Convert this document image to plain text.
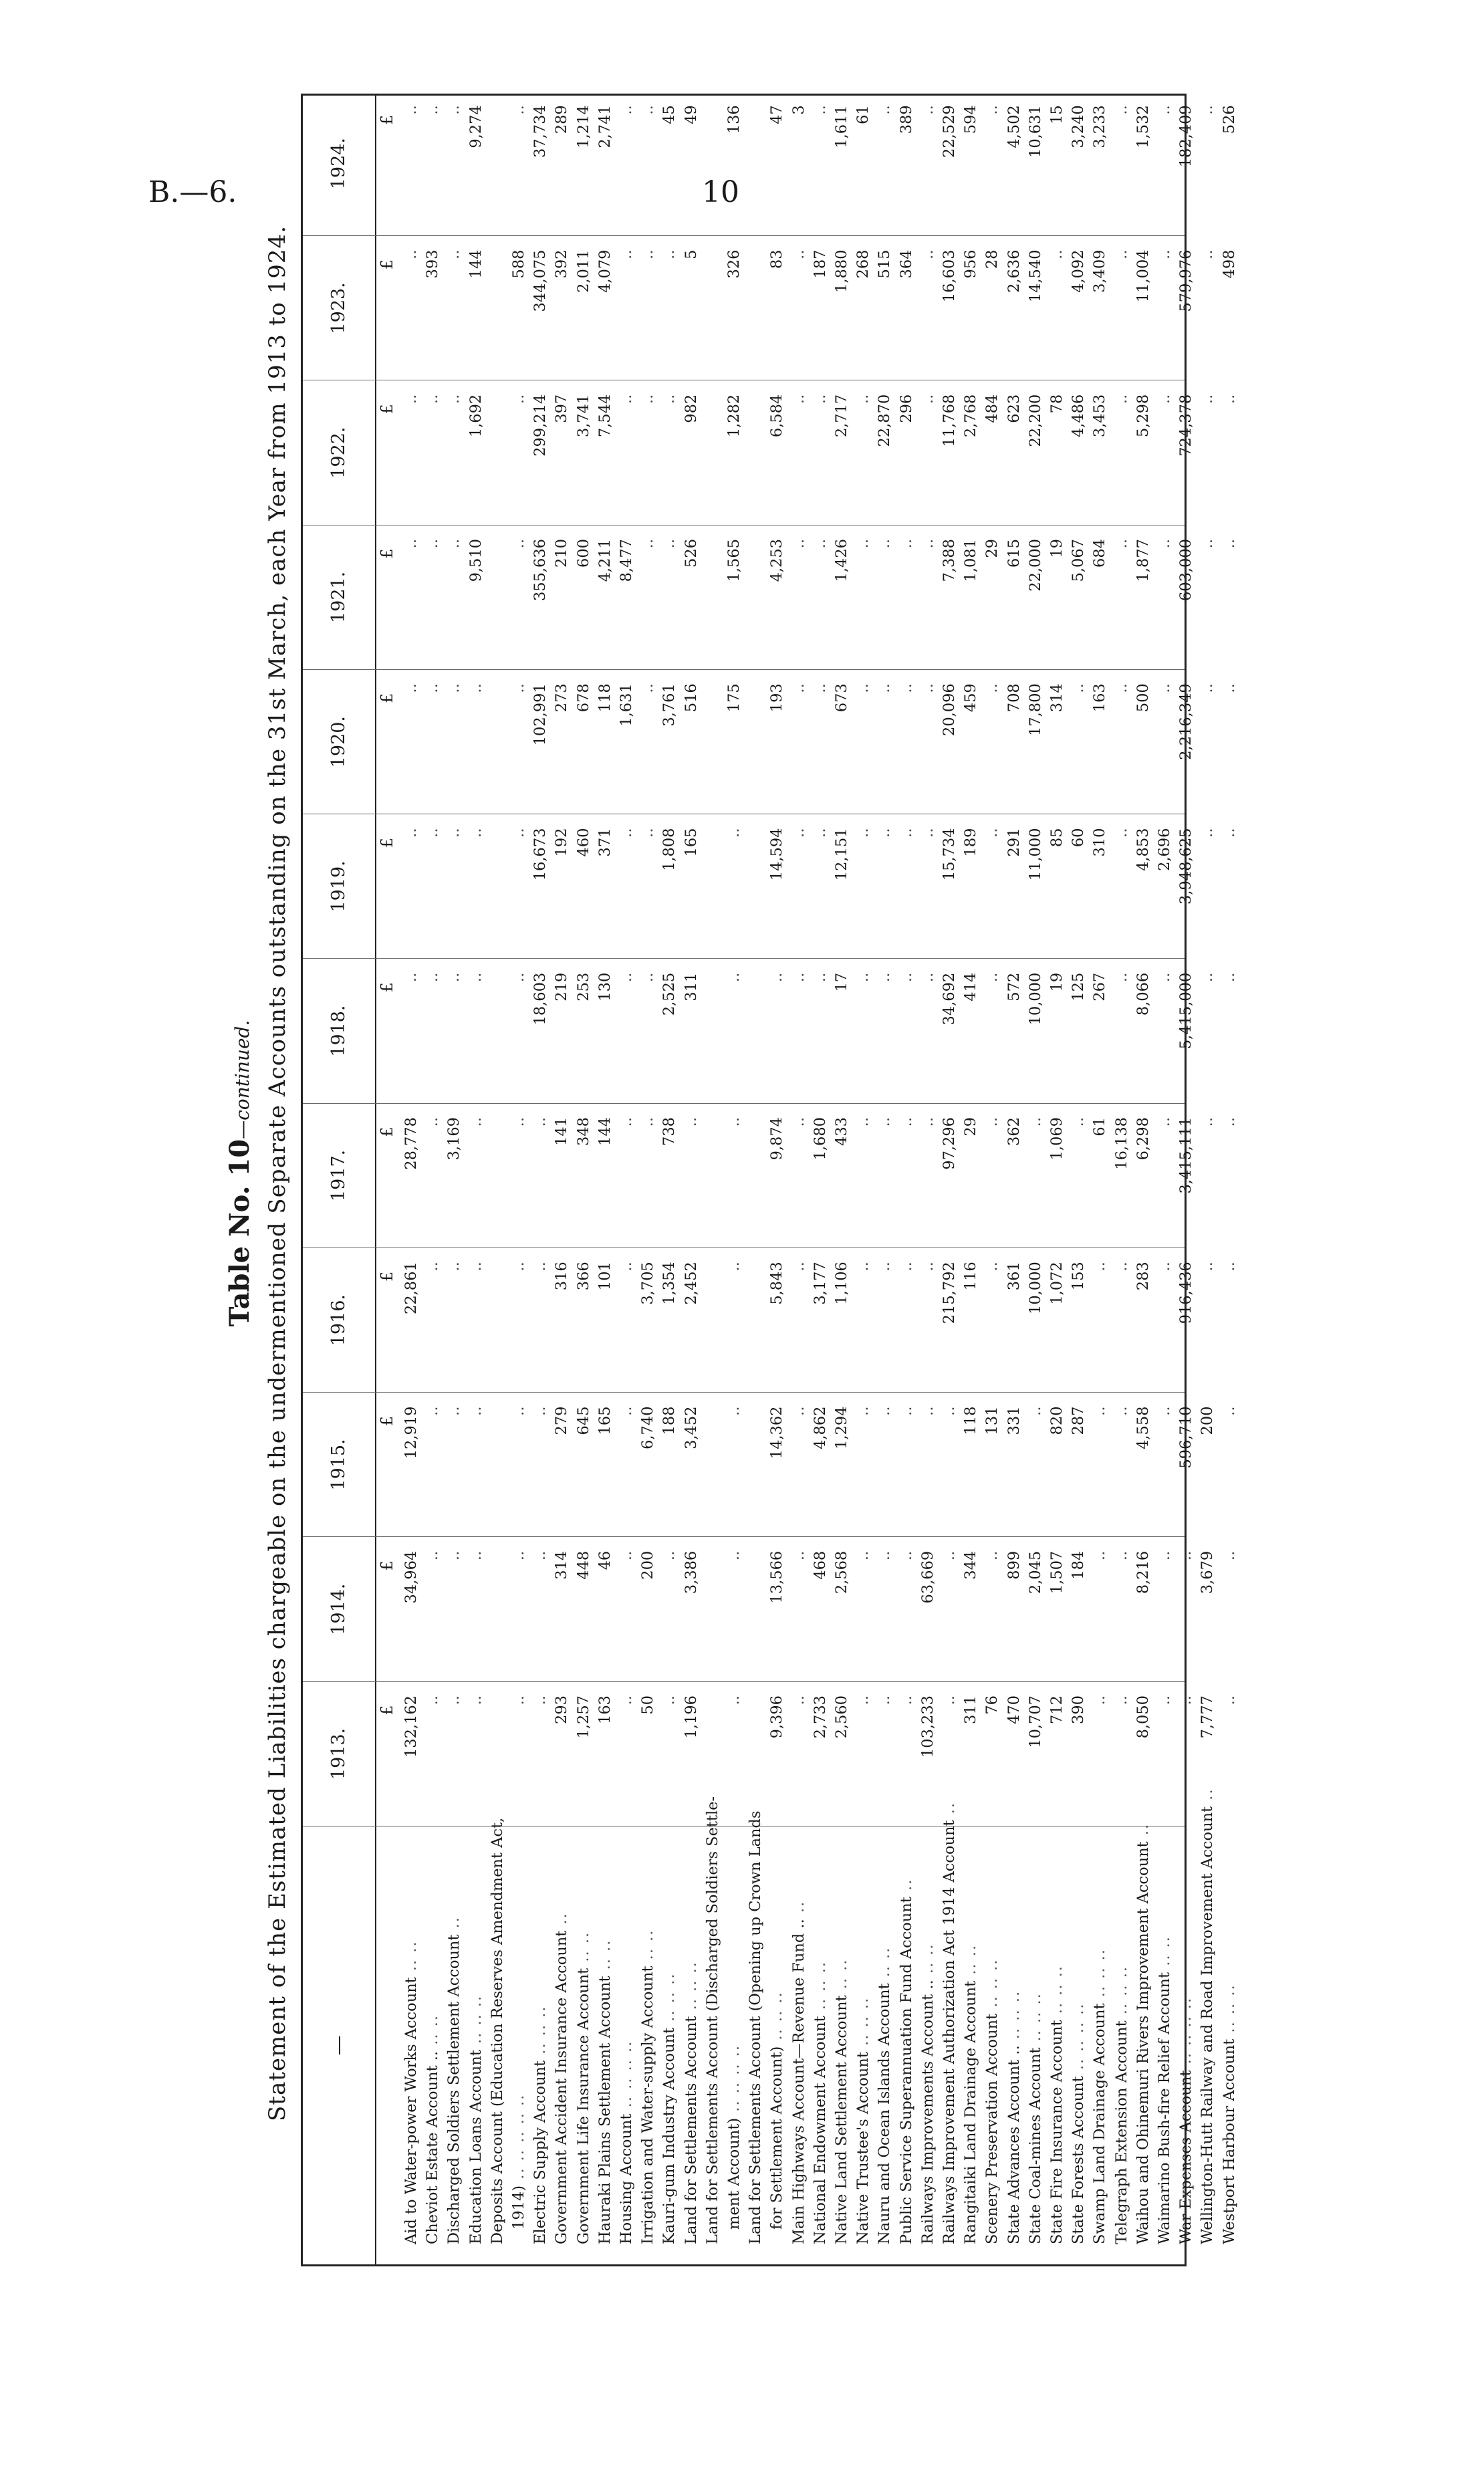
B.—6.	10
Table No. 10—continued. Statement of the Estimated Liabilities chargeable on the undermentioned Separate Accounts outstanding on the 31st March, each Year from 1913 to 1924.	—
1913.
1914.
1915.
1916.
1917.
1918.
1919.
1920.
1921.
1922.
1923.
1924.
£
£
£
£
£
£
£
£
£
£
£
£
Aid to Water-power Works Account .. ..
132,162
34,964
12,919
22,861
28,778
..
..
..
..
..
..
..
Cheviot Estate Account .. .. ..
..
..
..
..
..
..
..
..
..
..
393
..
Discharged Soldiers Settlement Account ..
..
..
..
..
3,169
..
..
..
..
..
..
..
Education Loans Account .. .. ..
..
..
..
..
..
..
..
..
9,510
1,692
144
9,274
Deposits Account (Education Reserves Amendment Act, 1914) .. .. .. .. ..
..
..
..
..
..
..
..
..
..
..
588
..
Electric Supply Account .. .. ..
..
..
..
..
..
18,603
16,673
102,991
355,636
299,214
344,075
37,734
Government Accident Insurance Account ..
293
314
279
316
141
219
192
273
210
397
392
289
Government Life Insurance Account .. ..
1,257
448
645
366
348
253
460
678
600
3,741
2,011
1,214
Hauraki Plains Settlement Account .. ..
163
46
165
101
144
130
371
118
4,211
7,544
4,079
2,741
Housing Account .. .. .. ..
..
..
..
..
..
..
..
1,631
8,477
..
..
..
Irrigation and Water-supply Account .. ..
50
200
6,740
3,705
..
..
..
..
..
..
..
..
Kauri-gum Industry Account .. .. ..
..
..
188
1,354
738
2,525
1,808
3,761
..
..
..
45
Land for Settlements Account .. .. ..
1,196
3,386
3,452
2,452
..
311
165
516
526
982
5
49
Land for Settlements Account (Discharged Soldiers Settle- ment Account) .. .. .. ..
..
..
..
..
..
..
..
175
1,565
1,282
326
136
Land for Settlements Account (Opening up Crown Lands for Settlement Account) .. .. ..
9,396
13,566
14,362
5,843
9,874
..
14,594
193
4,253
6,584
83
47
Main Highways Account—Revenue Fund .. ..
..
..
..
..
..
..
..
..
..
..
..
3
National Endowment Account .. .. ..
2,733
468
4,862
3,177
1,680
..
..
..
..
..
187
..
Native Land Settlement Account .. ..
2,560
2,568
1,294
1,106
433
17
12,151
673
1,426
2,717
1,880
1,611
Native Trustee's Account .. .. ..
..
..
..
..
..
..
..
..
..
..
268
61
Nauru and Ocean Islands Account .. ..
..
..
..
..
..
..
..
..
..
22,870
515
..
Public Service Superannuation Fund Account ..
..
..
..
..
..
..
..
..
..
296
364
389
Railways Improvements Account .. .. ..
103,233
63,669
..
..
..
..
..
..
..
..
..
..
Railways Improvement Authorization Act 1914 Account ..
..
..
..
215,792
97,296
34,692
15,734
20,096
7,388
11,768
16,603
22,529
Rangitaiki Land Drainage Account .. ..
311
344
118
116
29
414
189
459
1,081
2,768
956
594
Scenery Preservation Account .. .. ..
76
..
131
..
..
..
..
..
29
484
28
..
State Advances Account .. .. .. ..
470
899
331
361
362
572
291
708
615
623
2,636
4,502
State Coal-mines Account .. .. ..
10,707
2,045
..
10,000
..
10,000
11,000
17,800
22,000
22,200
14,540
10,631
State Fire Insurance Account .. .. ..
712
1,507
820
1,072
1,069
19
85
314
19
78
..
15
State Forests Account .. .. .. ..
390
184
287
153
..
125
60
..
5,067
4,486
4,092
3,240
Swamp Land Drainage Account .. .. ..
..
..
..
..
61
267
310
163
684
3,453
3,409
3,233
Telegraph Extension Account .. .. ..
..
..
..
..
16,138
..
..
..
..
..
..
..
Waihou and Ohinemuri Rivers Improvement Account ..
8,050
8,216
4,558
283
6,298
8,066
4,853
500
1,877
5,298
11,004
1,532
Waimarino Bush-fire Relief Account .. ..
..
..
..
..
..
..
2,696
..
..
..
..
..
War Expenses Account .. .. .. ..
..
..
596,710
916,436
3,415,111
5,415,000
3,948,625
2,216,349
603,000
724,378
579,976
182,409
Wellington-Hutt Railway and Road Improvement Account ..
7,777
3,679
200
..
..
..
..
..
..
..
..
..
Westport Harbour Account .. .. ..
..
..
..
..
..
..
..
..
..
..
498
526
